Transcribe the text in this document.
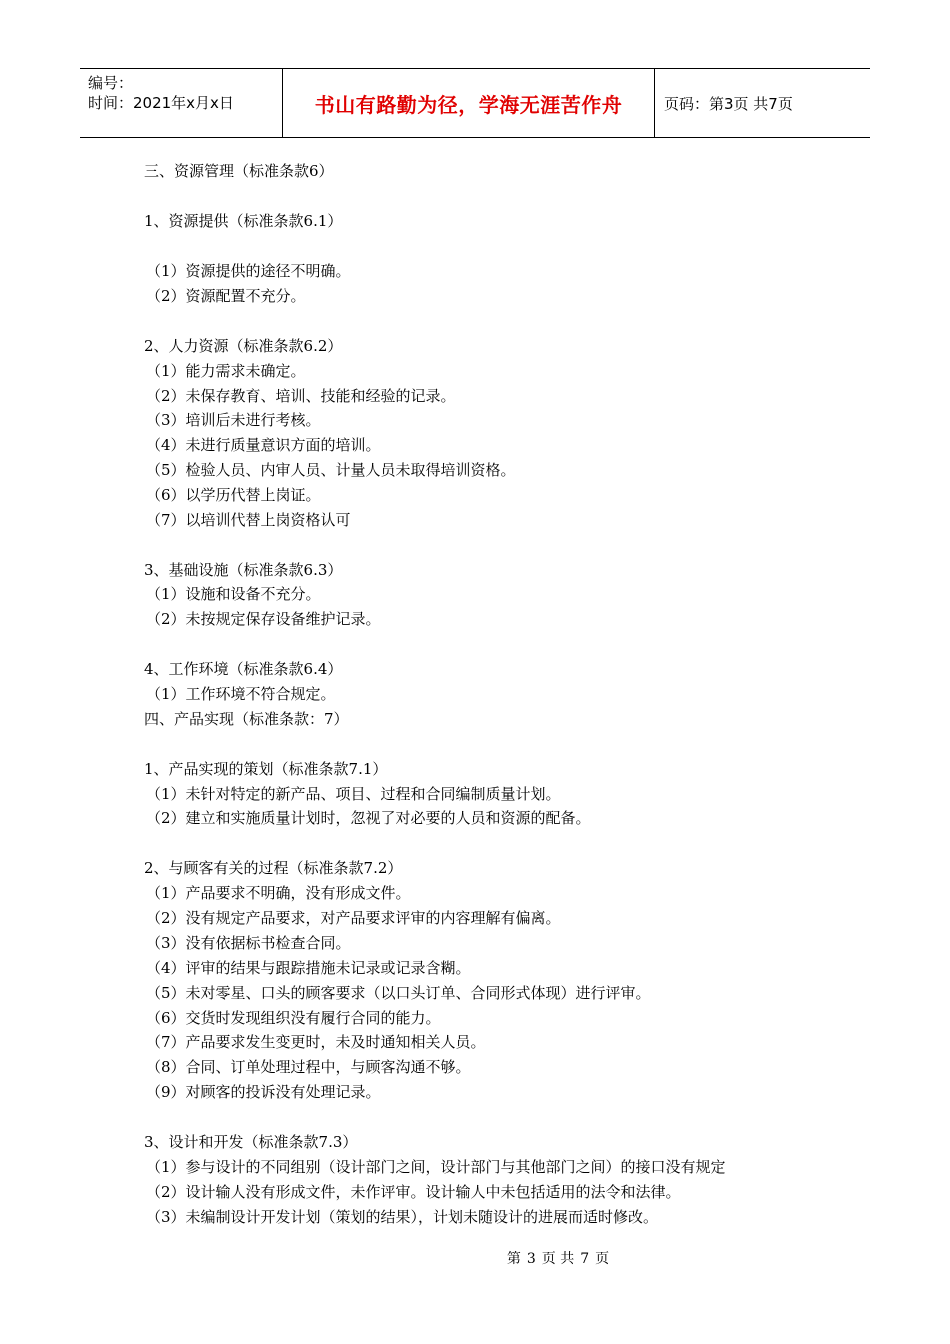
编号：
时间：2021年x月x日	书山有路勤为径，学海无涯苦作舟	页码：第3页 共7页
三、资源管理（标准条款6）
1、资源提供（标准条款6.1）
（1）资源提供的途径不明确。
（2）资源配置不充分。
2、人力资源（标准条款6.2）
（1）能力需求未确定。
（2）未保存教育、培训、技能和经验的记录。
（3）培训后未进行考核。
（4）未进行质量意识方面的培训。
（5）检验人员、内审人员、计量人员未取得培训资格。
（6）以学历代替上岗证。
（7）以培训代替上岗资格认可
3、基础设施（标准条款6.3）
（1）设施和设备不充分。
（2）未按规定保存设备维护记录。
4、工作环境（标准条款6.4）
（1）工作环境不符合规定。
四、产品实现（标准条款：7）
1、产品实现的策划（标准条款7.1）
（1）未针对特定的新产品、项目、过程和合同编制质量计划。
（2）建立和实施质量计划时，忽视了对必要的人员和资源的配备。
2、与顾客有关的过程（标准条款7.2）
（1）产品要求不明确，没有形成文件。
（2）没有规定产品要求，对产品要求评审的内容理解有偏离。
（3）没有依据标书检查合同。
（4）评审的结果与跟踪措施未记录或记录含糊。
（5）未对零星、口头的顾客要求（以口头订单、合同形式体现）进行评审。
（6）交货时发现组织没有履行合同的能力。
（7）产品要求发生变更时，未及时通知相关人员。
（8）合同、订单处理过程中，与顾客沟通不够。
（9）对顾客的投诉没有处理记录。
3、设计和开发（标准条款7.3）
（1）参与设计的不同组别（设计部门之间，设计部门与其他部门之间）的接口没有规定
（2）设计输人没有形成文件，未作评审。设计输人中未包括适用的法令和法律。
（3）未编制设计开发计划（策划的结果），计划未随设计的进展而适时修改。
第 3 页 共 7 页
